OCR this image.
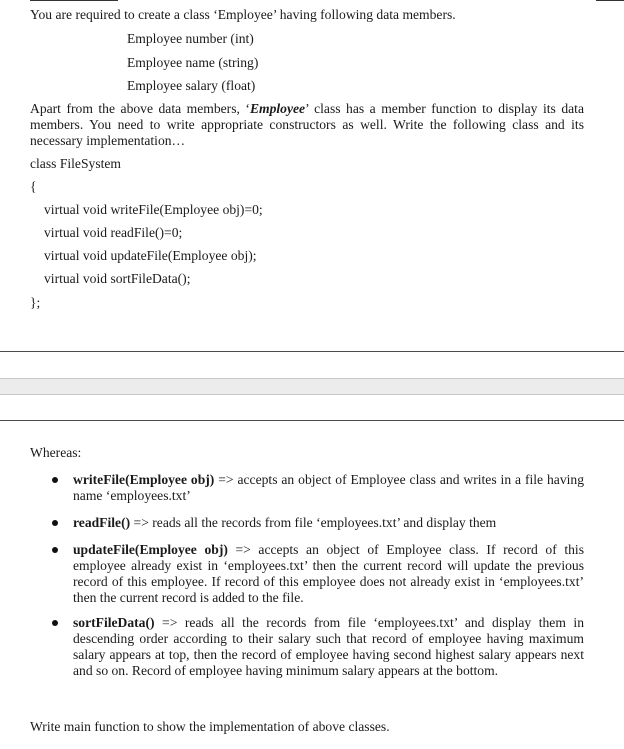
You are required to create a class ‘Employee’ having following data members.
Employee number (int)
Employee name (string)
Employee salary (float)
Apart from the above data members, ‘Employee’ class has a member function to display its data members. You need to write appropriate constructors as well. Write the following class and its necessary implementation…
class FileSystem
{
virtual void writeFile(Employee obj)=0;
virtual void readFile()=0;
virtual void updateFile(Employee obj);
virtual void sortFileData();
};
Whereas:
writeFile(Employee obj) => accepts an object of Employee class and writes in a file having name ‘employees.txt’
readFile() => reads all the records from file ‘employees.txt’ and display them
updateFile(Employee obj) => accepts an object of Employee class. If record of this employee already exist in ‘employees.txt’ then the current record will update the previous record of this employee. If record of this employee does not already exist in ‘employees.txt’ then the current record is added to the file.
sortFileData() => reads all the records from file ‘employees.txt’ and display them in descending order according to their salary such that record of employee having maximum salary appears at top, then the record of employee having second highest salary appears next and so on. Record of employee having minimum salary appears at the bottom.
Write main function to show the implementation of above classes.
